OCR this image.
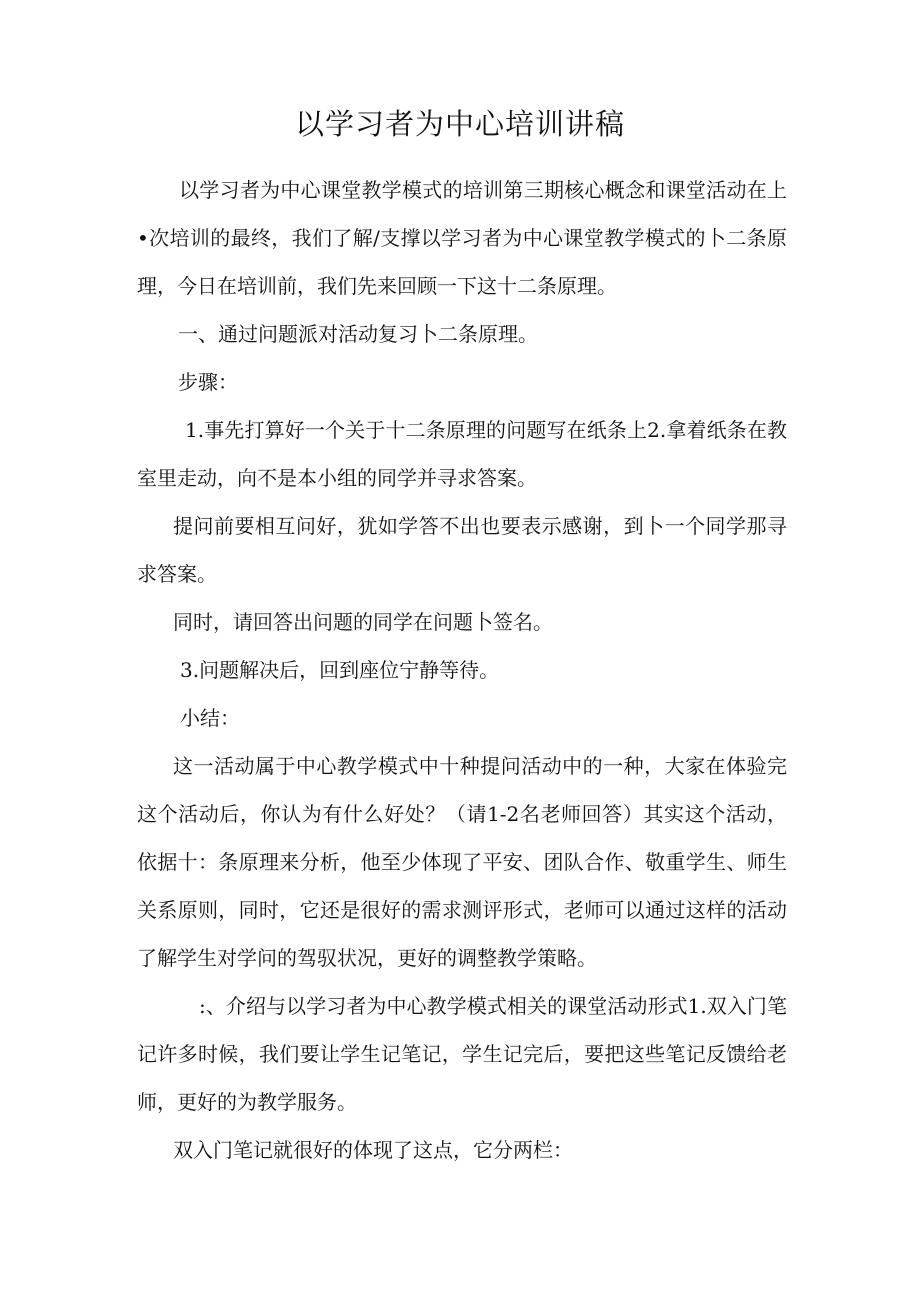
以学习者为中心培训讲稿

以学习者为中心课堂教学模式的培训第三期核心概念和课堂活动在上•次培训的最终，我们了解/支撑以学习者为中心课堂教学模式的卜二条原理，今日在培训前，我们先来回顾一下这十二条原理。

一、通过问题派对活动复习卜二条原理。

步骤：

1.事先打算好一个关于十二条原理的问题写在纸条上2.拿着纸条在教室里走动，向不是本小组的同学并寻求答案。

提问前要相互问好，犹如学答不出也要表示感谢，到卜一个同学那寻求答案。

同时，请回答出问题的同学在问题卜签名。

3.问题解决后，回到座位宁静等待。

小结：

这一活动属于中心教学模式中十种提问活动中的一种，大家在体验完这个活动后，你认为有什么好处？（请1-2名老师回答）其实这个活动，依据十：条原理来分析，他至少体现了平安、团队合作、敬重学生、师生关系原则，同时，它还是很好的需求测评形式，老师可以通过这样的活动了解学生对学问的驾驭状况，更好的调整教学策略。

:、介绍与以学习者为中心教学模式相关的课堂活动形式1.双入门笔记许多时候，我们要让学生记笔记，学生记完后，要把这些笔记反馈给老师，更好的为教学服务。

双入门笔记就很好的体现了这点，它分两栏：
